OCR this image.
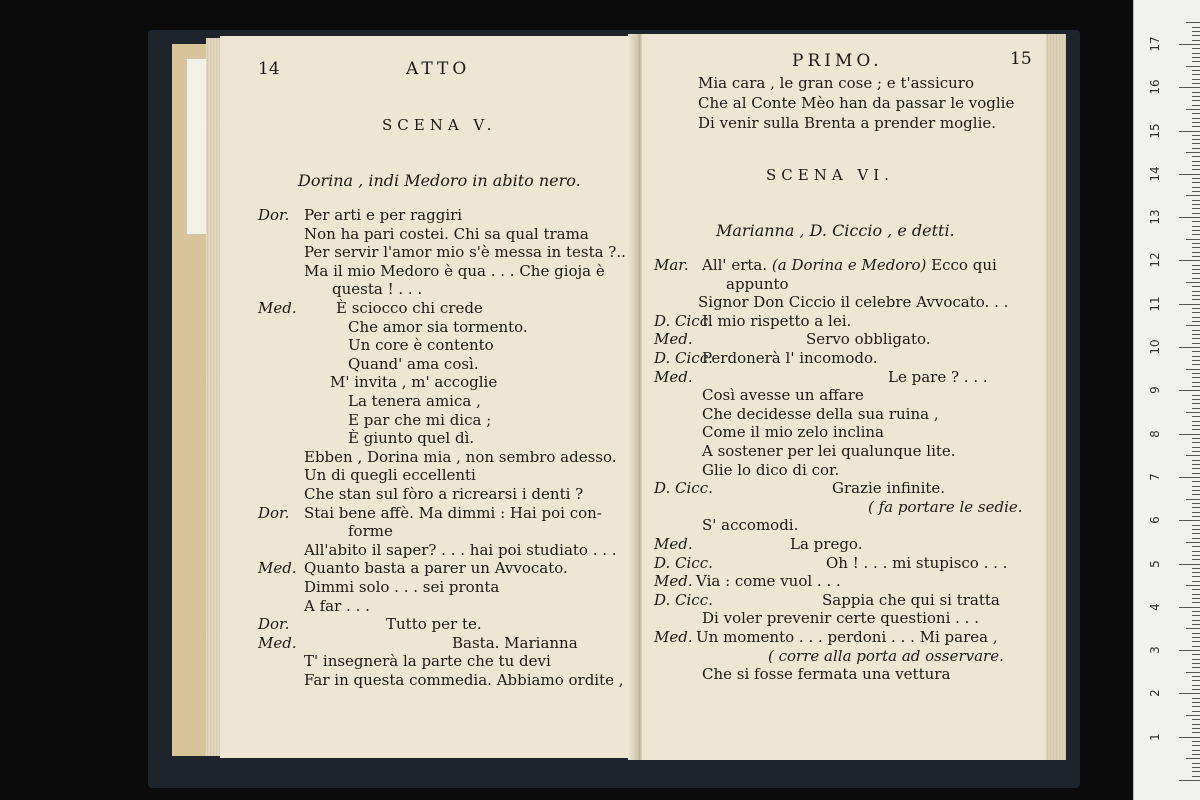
14	ATTO
SCENA V.
Dorina , indi Medoro in abito nero.
Dor. Per arti e per raggiri
Non ha pari costei. Chi sa qual trama
Per servir l'amor mio s'è messa in testa ?..
Ma il mio Medoro è qua . . . Che gioja è
questa ! . . .
Med.	È sciocco chi crede
Che amor sia tormento.
Un core è contento
Quand' ama così.
M' invita , m' accoglie
La tenera amica ,
E par che mi dica ;
È giunto quel dì.
Ebben , Dorina mia , non sembro adesso.
Un di quegli eccellenti
Che stan sul fòro a ricrearsi i denti ?
Dor. Stai bene affè. Ma dimmi : Hai poi con-
forme
All'abito il saper? . . . hai poi studiato . . .
Med. Quanto basta a parer un Avvocato.
Dimmi solo . . . sei pronta
A far . . .
Dor.	Tutto per te.
Med.	Basta. Marianna
T' insegnerà la parte che tu devi
Far in questa commedia. Abbiamo ordite ,
PRIMO.	15
Mia cara , le gran cose ; e t'assicuro
Che al Conte Mèo han da passar le voglie
Di venir sulla Brenta a prender moglie.
SCENA VI.
Marianna , D. Ciccio , e detti.
Mar. All' erta. (a Dorina e Medoro) Ecco qui
appunto
Signor Don Ciccio il celebre Avvocato. . .
D. Cicc.
Il mio rispetto a lei.
Med.	Servo obbligato.
D. Cicc.
Perdonerà l' incomodo.
Med.	Le pare ? . . .
Così avesse un affare
Che decidesse della sua ruina ,
Come il mio zelo inclina
A sostener per lei qualunque lite.
Glie lo dico di cor.
D. Cicc.	Grazie infinite.
( fa portare le sedie.
S' accomodi.
Med.	La prego.
D. Cicc.	Oh ! . . . mi stupisco . . .
Med. Via : come vuol . . .
D. Cicc.	Sappia che qui si tratta
Di voler prevenir certe questioni . . .
Med. Un momento . . . perdoni . . . Mi parea ,
( corre alla porta ad osservare.
Che si fosse fermata una vettura
1
2
3
4
5
6
7
8
9
10
11
12
13
14
15
16
17
